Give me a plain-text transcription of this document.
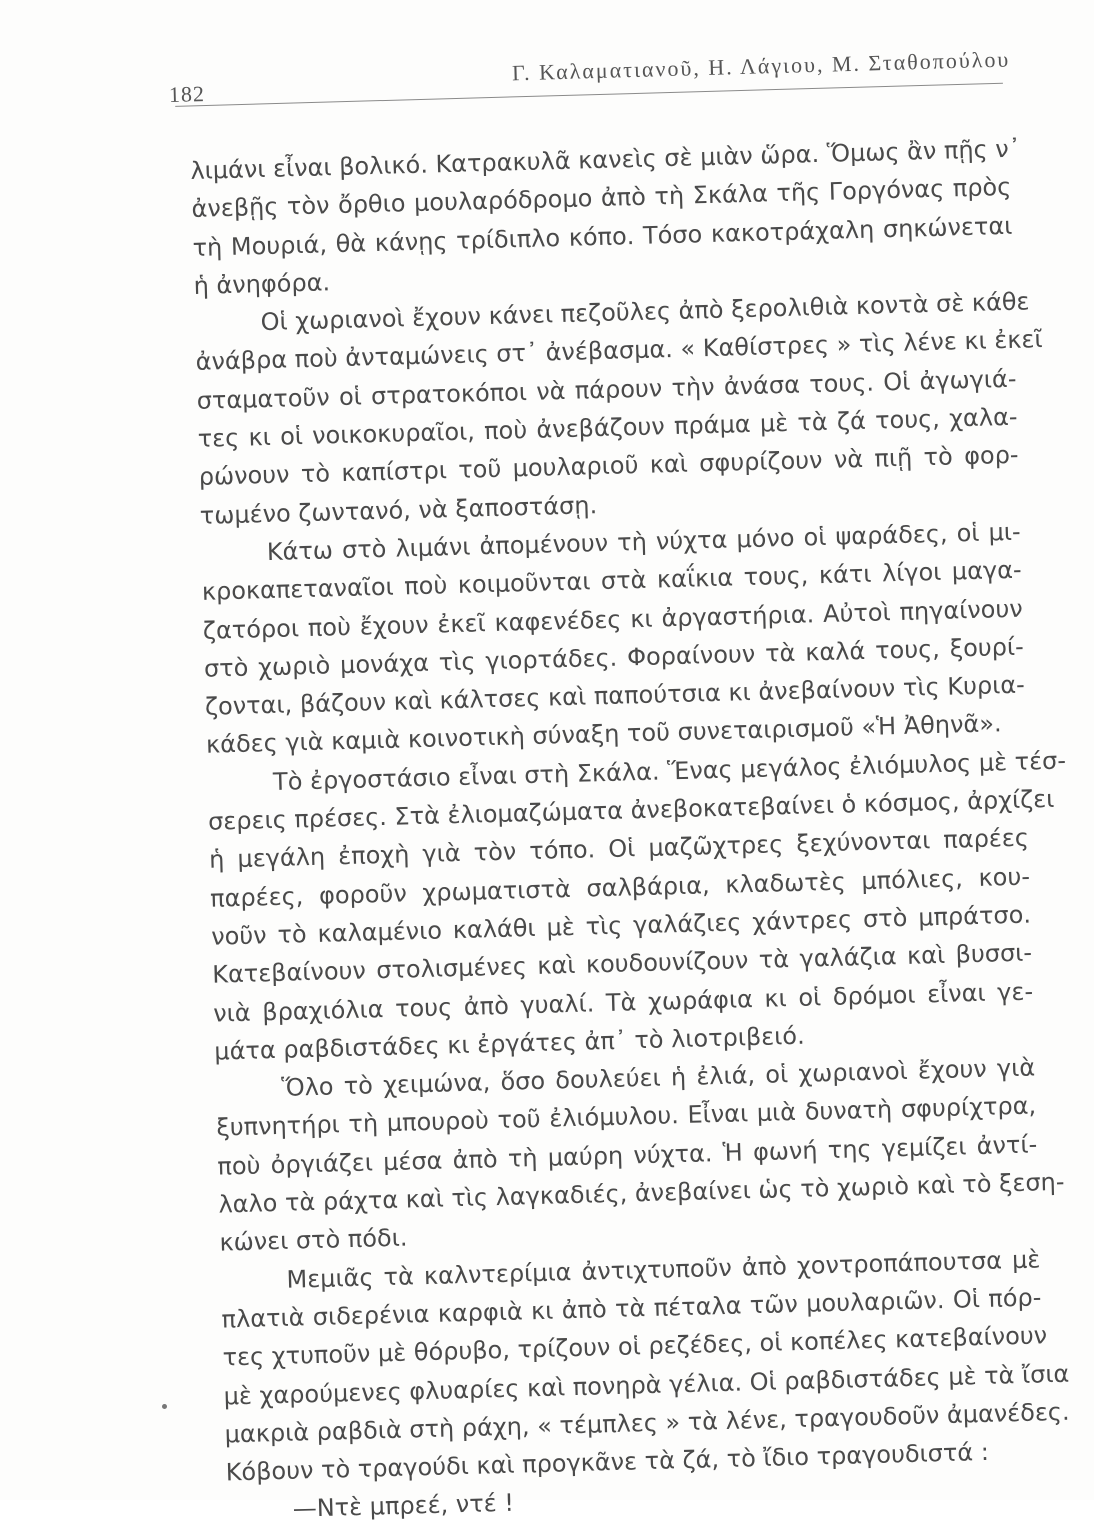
182
Γ. Καλαματιανοῦ, Η. Λάγιου, Μ. Σταθοπούλου
λιμάνι εἶναι βολικό. Κατρακυλᾶ κανεὶς σὲ μιὰν ὥρα. Ὅμως ἂν πῇς ν᾿
ἀνεβῇς τὸν ὄρθιο μουλαρόδρομο ἀπὸ τὴ Σκάλα τῆς Γοργόνας πρὸς
τὴ Μουριά, θὰ κάνῃς τρίδιπλο κόπο. Τόσο κακοτράχαλη σηκώνεται
ἡ ἀνηφόρα.
Οἱ χωριανοὶ ἔχουν κάνει πεζοῦλες ἀπὸ ξερολιθιὰ κοντὰ σὲ κάθε
ἀνάβρα ποὺ ἀνταμώνεις στ᾿ ἀνέβασμα. « Καθίστρες » τὶς λένε κι ἐκεῖ
σταματοῦν οἱ στρατοκόποι νὰ πάρουν τὴν ἀνάσα τους. Οἱ ἀγωγιά-
τες κι οἱ νοικοκυραῖοι, ποὺ ἀνεβάζουν πράμα μὲ τὰ ζά τους, χαλα-
ρώνουν τὸ καπίστρι τοῦ μουλαριοῦ καὶ σφυρίζουν νὰ πιῇ τὸ φορ-
τωμένο ζωντανό, νὰ ξαποστάσῃ.
Κάτω στὸ λιμάνι ἀπομένουν τὴ νύχτα μόνο οἱ ψαράδες, οἱ μι-
κροκαπεταναῖοι ποὺ κοιμοῦνται στὰ καΐκια τους, κάτι λίγοι μαγα-
ζατόροι ποὺ ἔχουν ἐκεῖ καφενέδες κι ἀργαστήρια. Αὐτοὶ πηγαίνουν
στὸ χωριὸ μονάχα τὶς γιορτάδες. Φοραίνουν τὰ καλά τους, ξουρί-
ζονται, βάζουν καὶ κάλτσες καὶ παπούτσια κι ἀνεβαίνουν τὶς Κυρια-
κάδες γιὰ καμιὰ κοινοτικὴ σύναξη τοῦ συνεταιρισμοῦ «Ἡ Ἀθηνᾶ».
Τὸ ἐργοστάσιο εἶναι στὴ Σκάλα. Ἕνας μεγάλος ἐλιόμυλος μὲ τέσ-
σερεις πρέσες. Στὰ ἐλιομαζώματα ἀνεβοκατεβαίνει ὁ κόσμος, ἀρχίζει
ἡ μεγάλη ἐποχὴ γιὰ τὸν τόπο. Οἱ μαζῶχτρες ξεχύνονται παρέες
παρέες, φοροῦν χρωματιστὰ σαλβάρια, κλαδωτὲς μπόλιες, κου-
νοῦν τὸ καλαμένιο καλάθι μὲ τὶς γαλάζιες χάντρες στὸ μπράτσο.
Κατεβαίνουν στολισμένες καὶ κουδουνίζουν τὰ γαλάζια καὶ βυσσι-
νιὰ βραχιόλια τους ἀπὸ γυαλί. Τὰ χωράφια κι οἱ δρόμοι εἶναι γε-
μάτα ραβδιστάδες κι ἐργάτες ἀπ᾿ τὸ λιοτριβειό.
Ὅλο τὸ χειμώνα, ὅσο δουλεύει ἡ ἐλιά, οἱ χωριανοὶ ἔχουν γιὰ
ξυπνητήρι τὴ μπουροὺ τοῦ ἐλιόμυλου. Εἶναι μιὰ δυνατὴ σφυρίχτρα,
ποὺ ὀργιάζει μέσα ἀπὸ τὴ μαύρη νύχτα. Ἡ φωνή της γεμίζει ἀντί-
λαλο τὰ ράχτα καὶ τὶς λαγκαδιές, ἀνεβαίνει ὡς τὸ χωριὸ καὶ τὸ ξεση-
κώνει στὸ πόδι.
Μεμιᾶς τὰ καλντερίμια ἀντιχτυποῦν ἀπὸ χοντροπάπουτσα μὲ
πλατιὰ σιδερένια καρφιὰ κι ἀπὸ τὰ πέταλα τῶν μουλαριῶν. Οἱ πόρ-
τες χτυποῦν μὲ θόρυβο, τρίζουν οἱ ρεζέδες, οἱ κοπέλες κατεβαίνουν
μὲ χαρούμενες φλυαρίες καὶ πονηρὰ γέλια. Οἱ ραβδιστάδες μὲ τὰ ἴσια
μακριὰ ραβδιὰ στὴ ράχη, « τέμπλες » τὰ λένε, τραγουδοῦν ἀμανέδες.
Κόβουν τὸ τραγούδι καὶ προγκᾶνε τὰ ζά, τὸ ἴδιο τραγουδιστά :
—Ντὲ μπρεέ, ντέ !
